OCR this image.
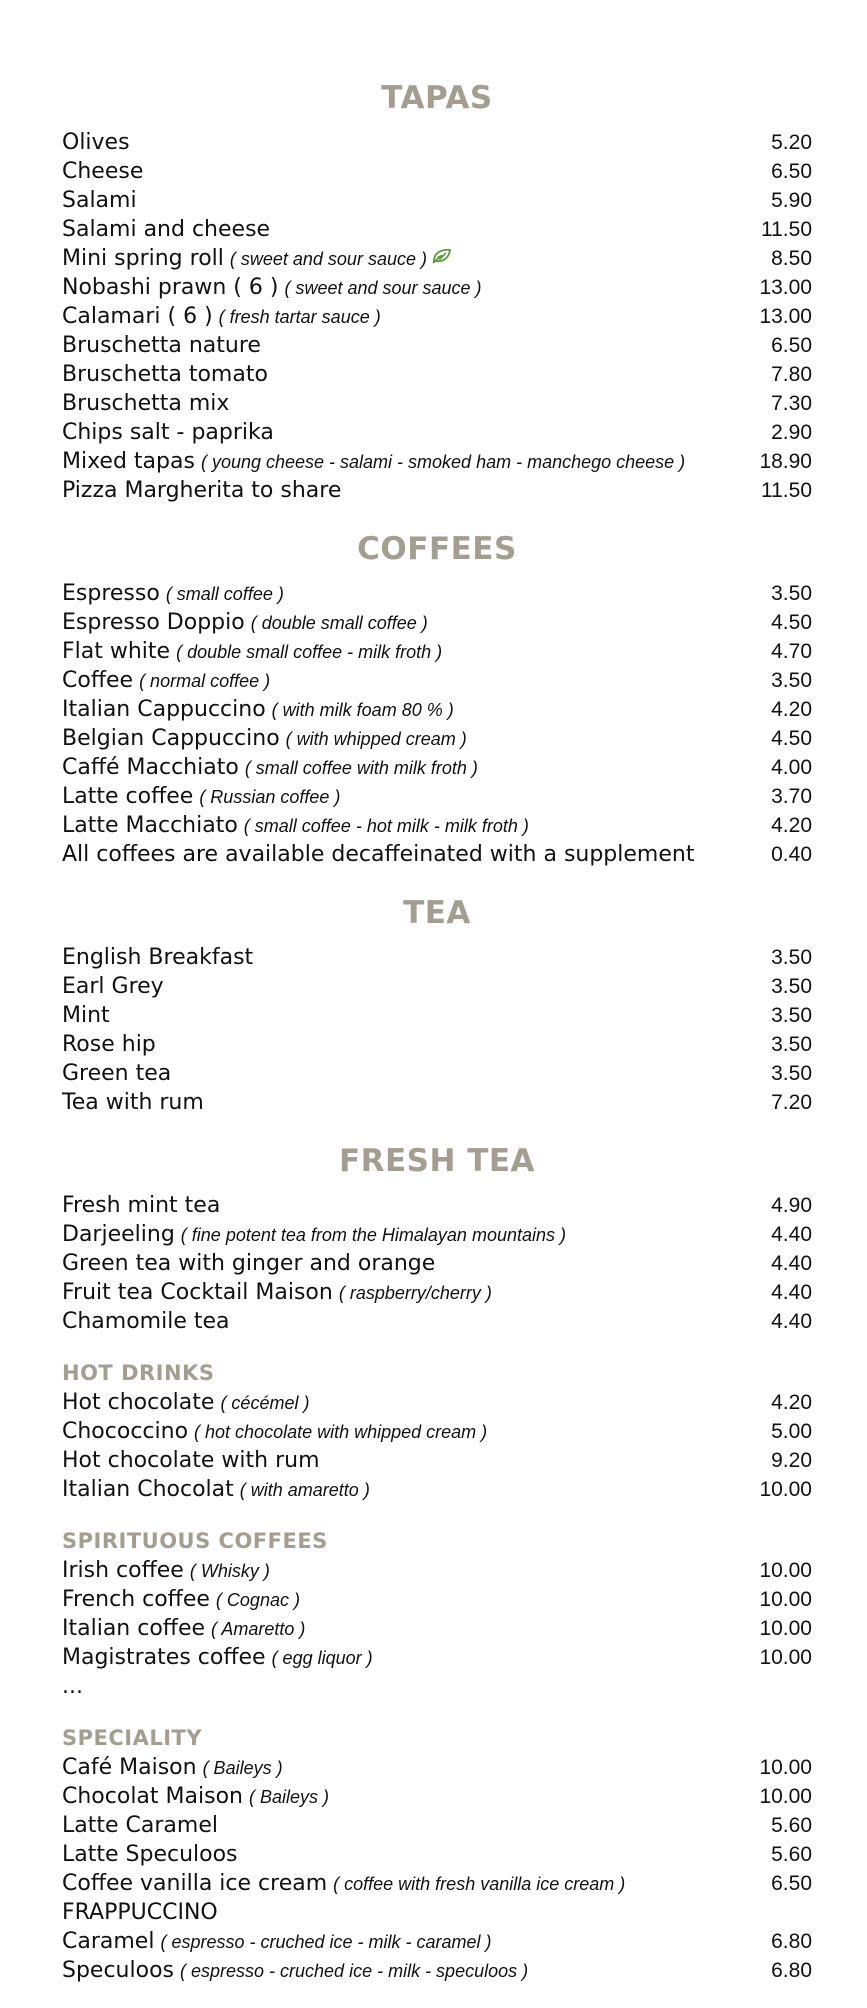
TAPAS
Olives	5.20
Cheese	6.50
Salami	5.90
Salami and cheese	11.50
Mini spring roll ( sweet and sour sauce )	8.50
Nobashi prawn ( 6 ) ( sweet and sour sauce )	13.00
Calamari ( 6 ) ( fresh tartar sauce )	13.00
Bruschetta nature	6.50
Bruschetta tomato	7.80
Bruschetta mix	7.30
Chips salt - paprika	2.90
Mixed tapas ( young cheese - salami - smoked ham - manchego cheese )	18.90
Pizza Margherita to share	11.50
COFFEES
Espresso ( small coffee )	3.50
Espresso Doppio ( double small coffee )	4.50
Flat white ( double small coffee - milk froth )	4.70
Coffee ( normal coffee )	3.50
Italian Cappuccino ( with milk foam 80 % )	4.20
Belgian Cappuccino ( with whipped cream )	4.50
Caffé Macchiato ( small coffee with milk froth )	4.00
Latte coffee ( Russian coffee )	3.70
Latte Macchiato ( small coffee - hot milk - milk froth )	4.20
All coffees are available decaffeinated with a supplement	0.40
TEA
English Breakfast	3.50
Earl Grey	3.50
Mint	3.50
Rose hip	3.50
Green tea	3.50
Tea with rum	7.20
FRESH TEA
Fresh mint tea	4.90
Darjeeling ( fine potent tea from the Himalayan mountains )	4.40
Green tea with ginger and orange	4.40
Fruit tea Cocktail Maison ( raspberry/cherry )	4.40
Chamomile tea	4.40
HOT DRINKS
Hot chocolate ( cécémel )	4.20
Chococcino ( hot chocolate with whipped cream )	5.00
Hot chocolate with rum	9.20
Italian Chocolat ( with amaretto )	10.00
SPIRITUOUS COFFEES
Irish coffee ( Whisky )	10.00
French coffee ( Cognac )	10.00
Italian coffee ( Amaretto )	10.00
Magistrates coffee ( egg liquor )	10.00
...
SPECIALITY
Café Maison ( Baileys )	10.00
Chocolat Maison ( Baileys )	10.00
Latte Caramel	5.60
Latte Speculoos	5.60
Coffee vanilla ice cream ( coffee with fresh vanilla ice cream )	6.50
FRAPPUCCINO
Caramel ( espresso - cruched ice - milk - caramel )	6.80
Speculoos ( espresso - cruched ice - milk - speculoos )	6.80
